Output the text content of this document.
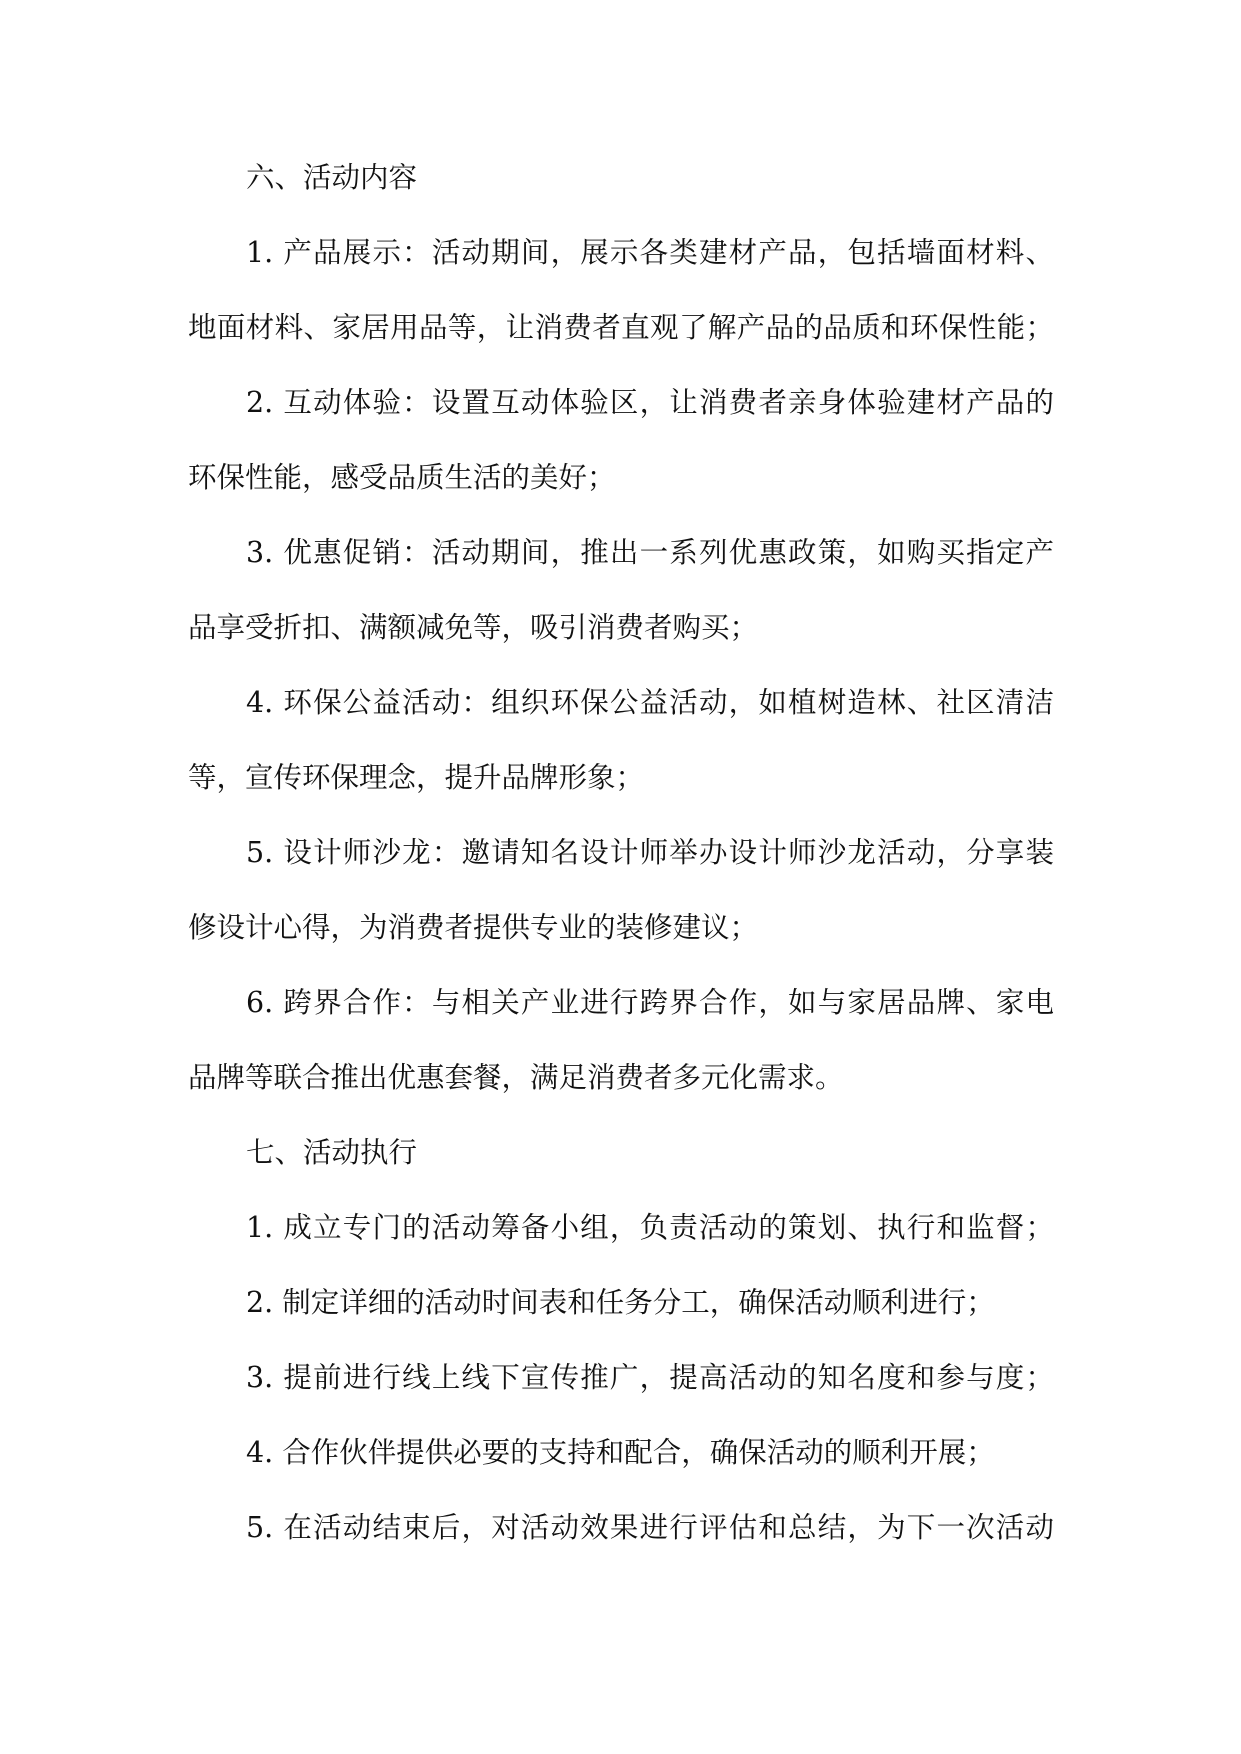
六、活动内容
1. 产品展示：活动期间，展示各类建材产品，包括墙面材料、
地面材料、家居用品等，让消费者直观了解产品的品质和环保性能；
2. 互动体验：设置互动体验区，让消费者亲身体验建材产品的
环保性能，感受品质生活的美好；
3. 优惠促销：活动期间，推出一系列优惠政策，如购买指定产
品享受折扣、满额减免等，吸引消费者购买；
4. 环保公益活动：组织环保公益活动，如植树造林、社区清洁
等，宣传环保理念，提升品牌形象；
5. 设计师沙龙：邀请知名设计师举办设计师沙龙活动，分享装
修设计心得，为消费者提供专业的装修建议；
6. 跨界合作：与相关产业进行跨界合作，如与家居品牌、家电
品牌等联合推出优惠套餐，满足消费者多元化需求。
七、活动执行
1. 成立专门的活动筹备小组，负责活动的策划、执行和监督；
2. 制定详细的活动时间表和任务分工，确保活动顺利进行；
3. 提前进行线上线下宣传推广，提高活动的知名度和参与度；
4. 合作伙伴提供必要的支持和配合，确保活动的顺利开展；
5. 在活动结束后，对活动效果进行评估和总结，为下一次活动
